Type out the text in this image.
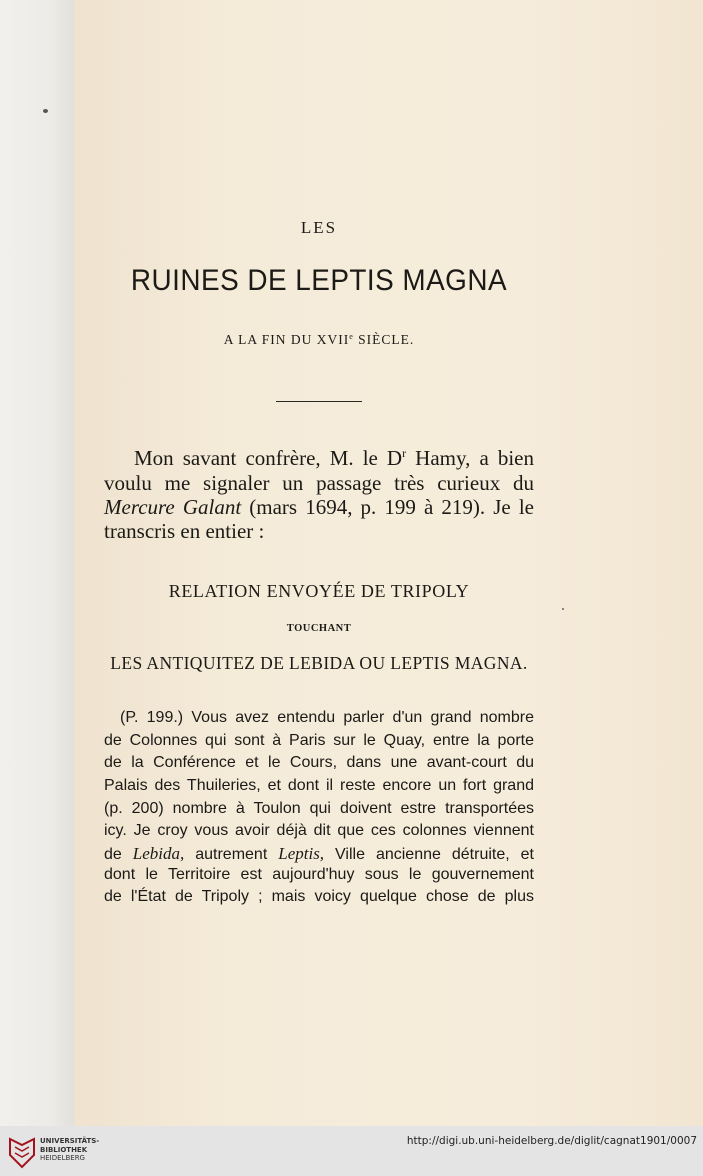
LES
RUINES DE LEPTIS MAGNA
A LA FIN DU XVIIe SIÈCLE.
Mon savant confrère, M. le $D^r$ Hamy, a bien
voulu me signaler un passage très curieux du
Mercure Galant (mars 1694, p. 199 à 219). Je le
transcris en entier :
RELATION ENVOYÉE DE TRIPOLY
TOUCHANT
LES ANTIQUITEZ DE LEBIDA OU LEPTIS MAGNA.
(P. 199.) Vous avez entendu parler d'un grand nombre
de Colonnes qui sont à Paris sur le Quay, entre la porte
de la Conférence et le Cours, dans une avant-court du
Palais des Thuileries, et dont il reste encore un fort grand
(p. 200) nombre à Toulon qui doivent estre transportées
icy. Je croy vous avoir déjà dit que ces colonnes viennent
de Lebida, autrement Leptis, Ville ancienne détruite, et
dont le Territoire est aujourd'huy sous le gouvernement
de l'État de Tripoly ; mais voicy quelque chose de plus
UNIVERSITÄTS-
BIBLIOTHEK
HEIDELBERG
http://digi.ub.uni-heidelberg.de/diglit/cagnat1901/0007
